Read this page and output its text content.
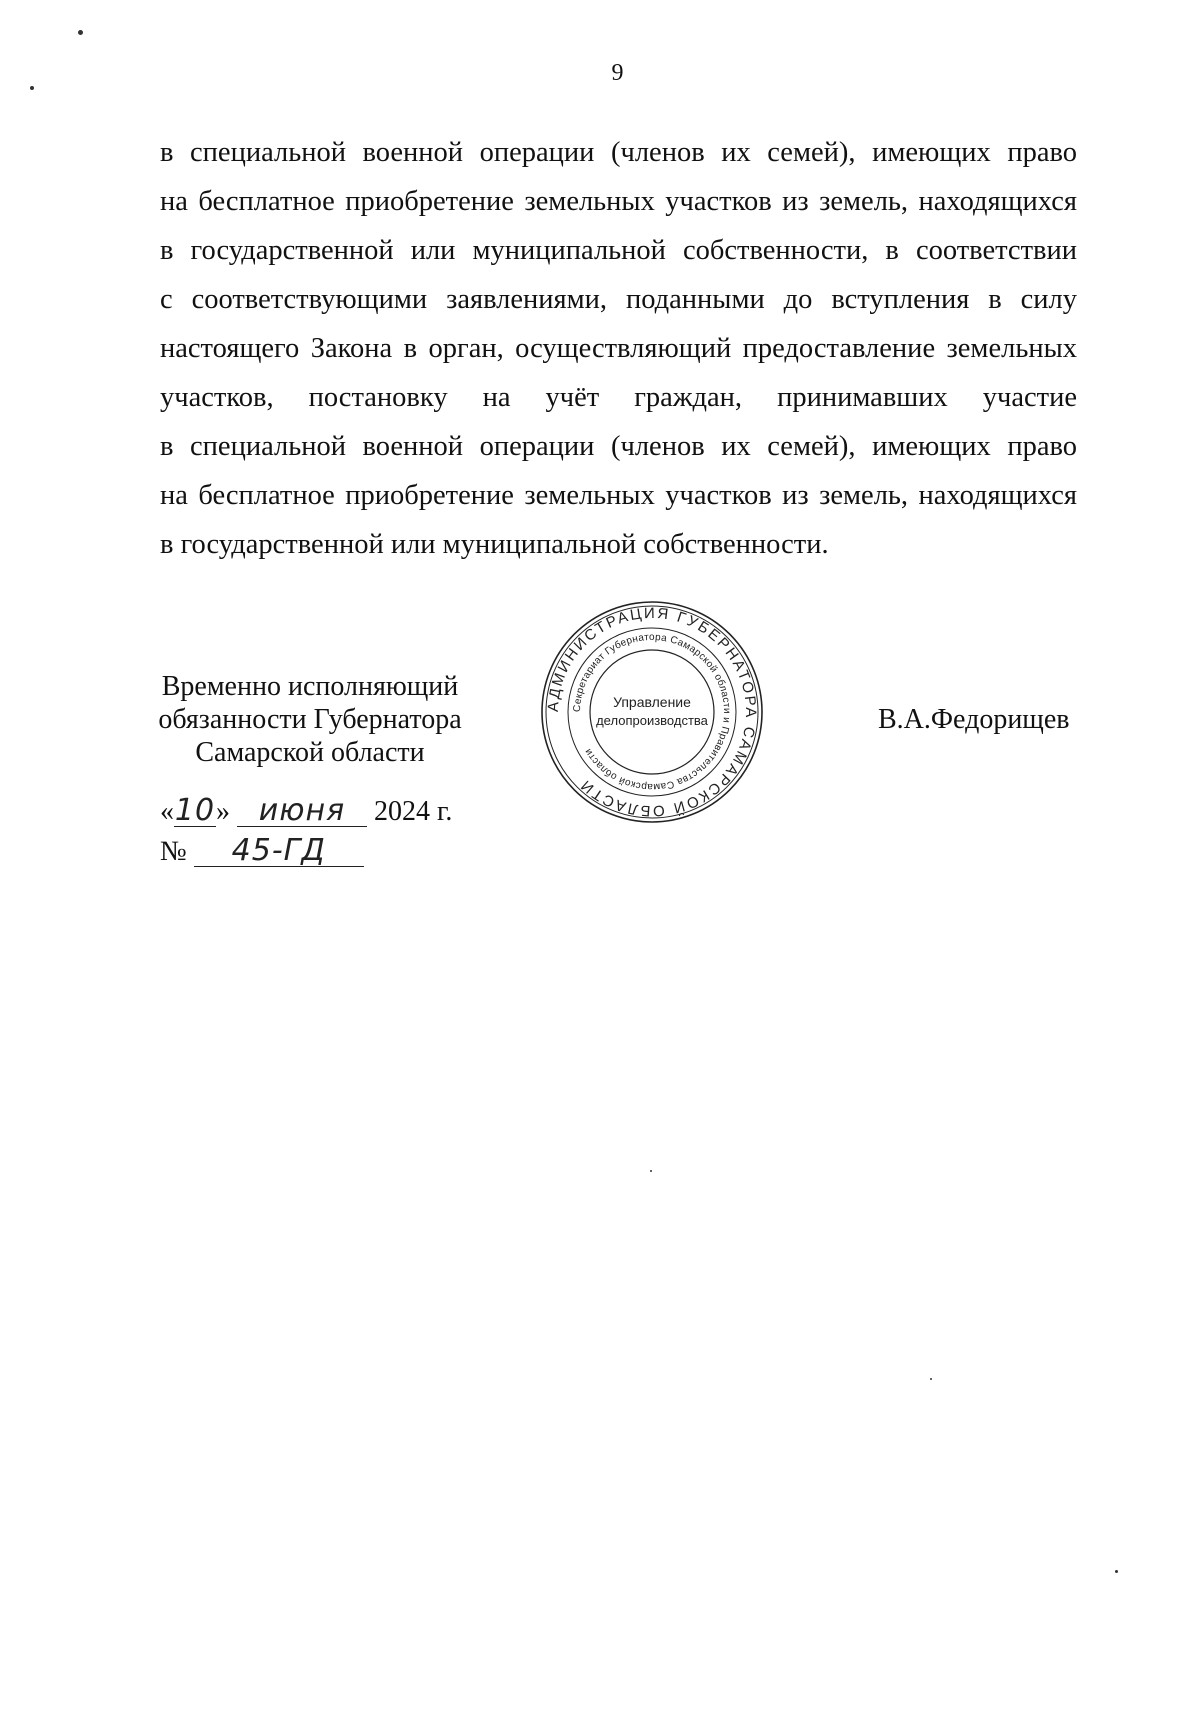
9

в специальной военной операции (членов их семей), имеющих право
на бесплатное приобретение земельных участков из земель, находящихся
в государственной или муниципальной собственности, в соответствии
с соответствующими заявлениями, поданными до вступления в силу
настоящего Закона в орган, осуществляющий предоставление земельных
участков, постановку на учёт граждан, принимавших участие
в специальной военной операции (членов их семей), имеющих право
на бесплатное приобретение земельных участков из земель, находящихся
в государственной или муниципальной собственности.

Временно исполняющий
обязанности Губернатора
Самарской области
АДМИНИСТРАЦИЯ ГУБЕРНАТОРА САМАРСКОЙ ОБЛАСТИ
Секретариат Губернатора Самарской области и Правительства Самарской области
Управление
делопроизводства	В.А.Федорищев
«10» июня 2024 г.
№ 45-ГД
